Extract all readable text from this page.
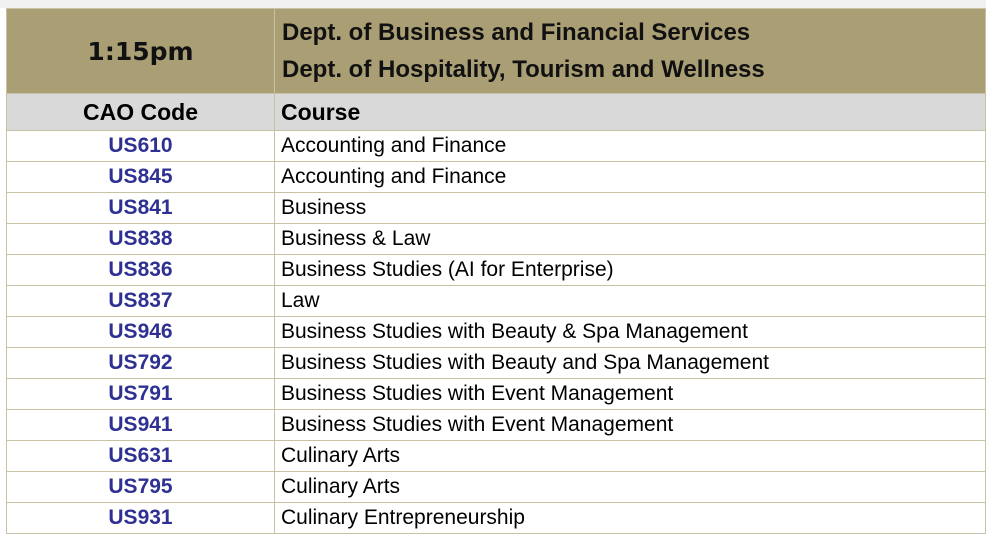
1:15pm	Dept. of Business and Financial Services
Dept. of Hospitality, Tourism and Wellness

CAO Code	Course
US610	Accounting and Finance
US845	Accounting and Finance
US841	Business
US838	Business & Law
US836	Business Studies (AI for Enterprise)
US837	Law
US946	Business Studies with Beauty & Spa Management
US792	Business Studies with Beauty and Spa Management
US791	Business Studies with Event Management
US941	Business Studies with Event Management
US631	Culinary Arts
US795	Culinary Arts
US931	Culinary Entrepreneurship
